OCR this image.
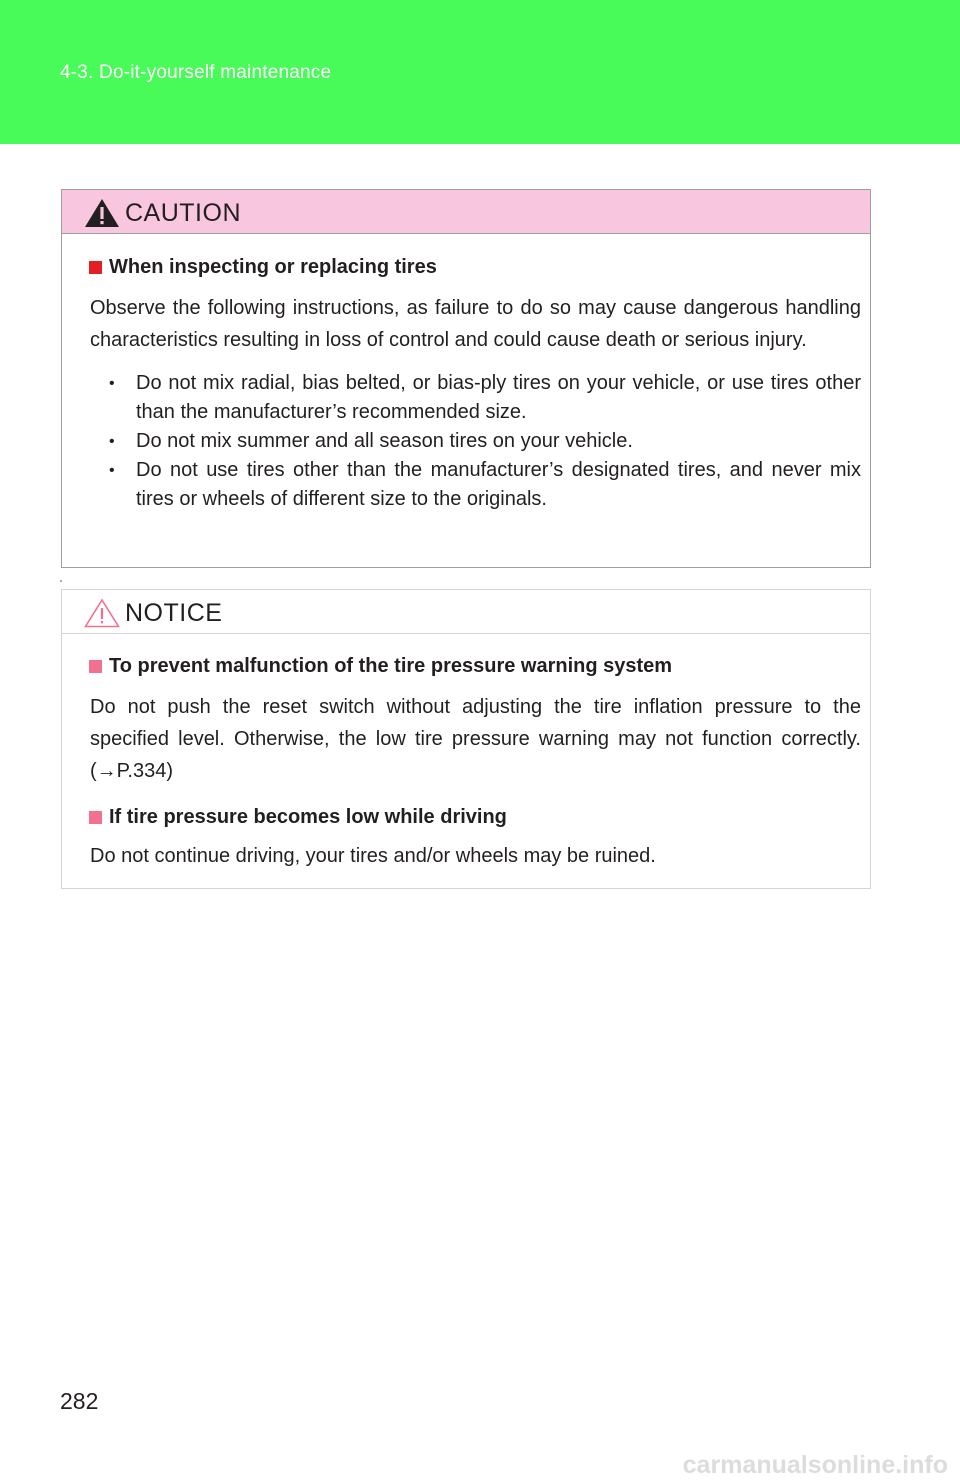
4-3. Do-it-yourself maintenance
CAUTION

When inspecting or replacing tires

Observe the following instructions, as failure to do so may cause dangerous handling characteristics resulting in loss of control and could cause death or serious injury.

• Do not mix radial, bias belted, or bias-ply tires on your vehicle, or use tires other than the manufacturer’s recommended size.
• Do not mix summer and all season tires on your vehicle.
• Do not use tires other than the manufacturer’s designated tires, and never mix tires or wheels of different size to the originals.
NOTICE

To prevent malfunction of the tire pressure warning system

Do not push the reset switch without adjusting the tire inflation pressure to the specified level. Otherwise, the low tire pressure warning may not function correctly. (→P.334)

If tire pressure becomes low while driving

Do not continue driving, your tires and/or wheels may be ruined.

282
carmanualsonline.info
